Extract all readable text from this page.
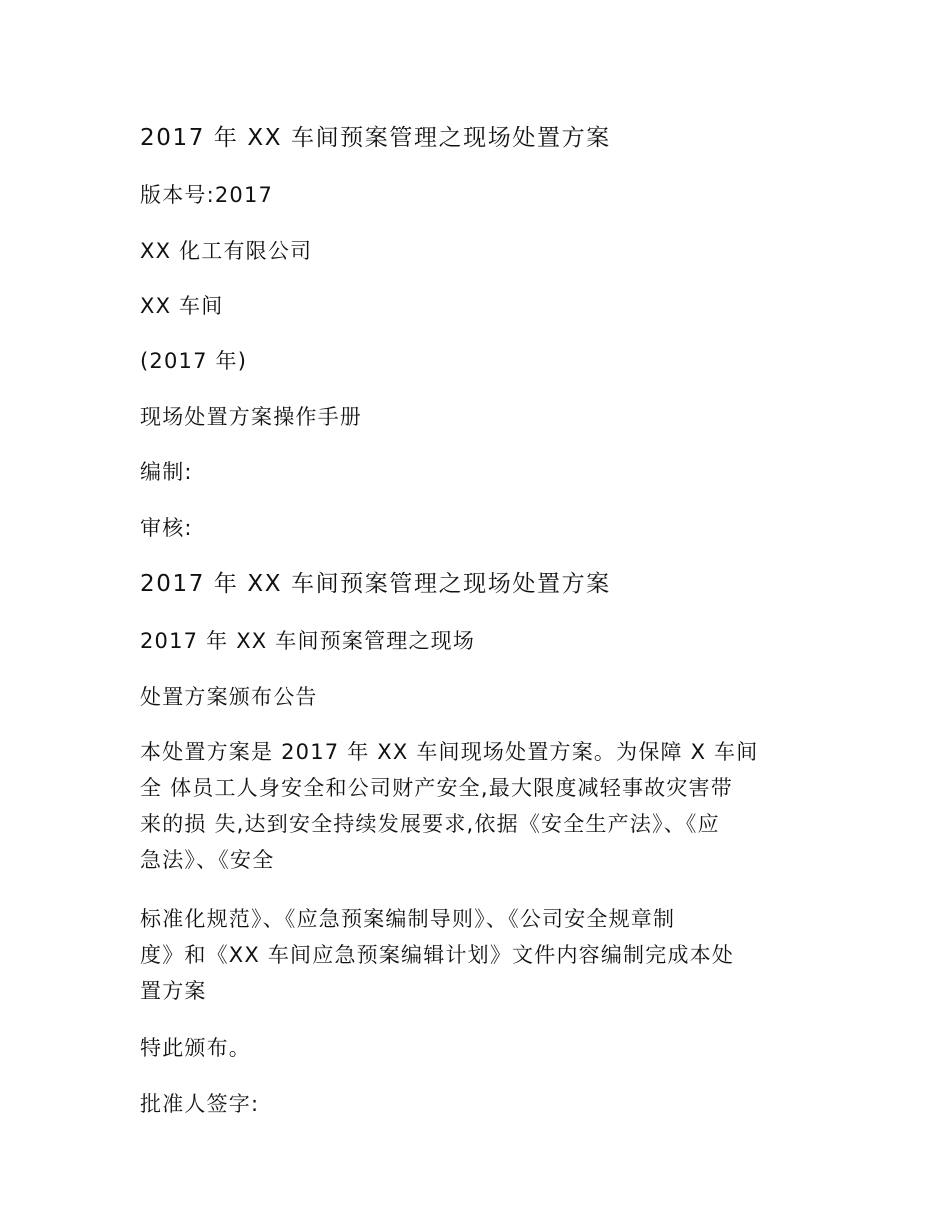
2017 年 XX 车间预案管理之现场处置方案

版本号:2017

XX 化工有限公司

XX 车间

(2017 年)

现场处置方案操作手册

编制:

审核:

2017 年 XX 车间预案管理之现场处置方案

2017 年 XX 车间预案管理之现场

处置方案颁布公告

本处置方案是 2017 年 XX 车间现场处置方案。为保障 X 车间
全 体员工人身安全和公司财产安全,最大限度减轻事故灾害带
来的损 失,达到安全持续发展要求,依据《安全生产法》、《应
急法》、《安全
标准化规范》、《应急预案编制导则》、《公司安全规章制
度》和《XX 车间应急预案编辑计划》文件内容编制完成本处
置方案

特此颁布。

批准人签字:
